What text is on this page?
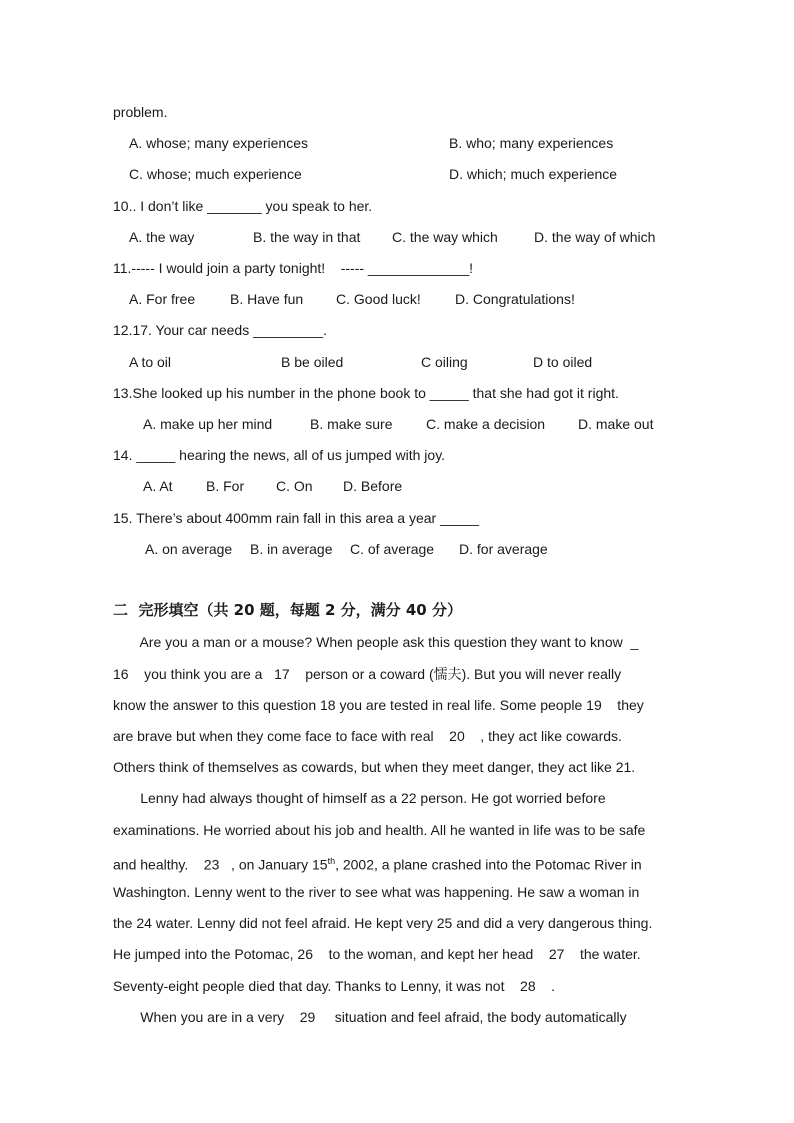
problem.
A. whose; many experiences	B. who; many experiences
C. whose; much experience	D. which; much experience
10.. I don’t like _______ you speak to her.
A. the way	B. the way in that C. the way which	D. the way of which
11.----- I would join a party tonight!    ----- _____________!
A. For free B. Have fun C. Good luck! D. Congratulations!
12.17. Your car needs _________.
A to oil	B be oiled	C oiling	D to oiled
13.She looked up his number in the phone book to _____ that she had got it right.
A. make up her mind	B. make sure C. make a decision D. make out
14. _____ hearing the news, all of us jumped with joy.
A. At B. For C. On D. Before
15. There’s about 400mm rain fall in this area a year _____
A. on average B. in average C. of average D. for average
二  完形填空（共 20 题，每题 2 分，满分 40 分）
Are you a man or a mouse? When people ask this question they want to know  _
16    you think you are a   17    person or a coward (懦夫). But you will never really
know the answer to this question 18 you are tested in real life. Some people 19    they
are brave but when they come face to face with real    20    , they act like cowards.
Others think of themselves as cowards, but when they meet danger, they act like 21.
Lenny had always thought of himself as a 22 person. He got worried before
examinations. He worried about his job and health. All he wanted in life was to be safe
and healthy.    23   , on January 15th, 2002, a plane crashed into the Potomac River in
Washington. Lenny went to the river to see what was happening. He saw a woman in
the 24 water. Lenny did not feel afraid. He kept very 25 and did a very dangerous thing.
He jumped into the Potomac, 26    to the woman, and kept her head    27    the water.
Seventy-eight people died that day. Thanks to Lenny, it was not    28    .
When you are in a very    29     situation and feel afraid, the body automatically
